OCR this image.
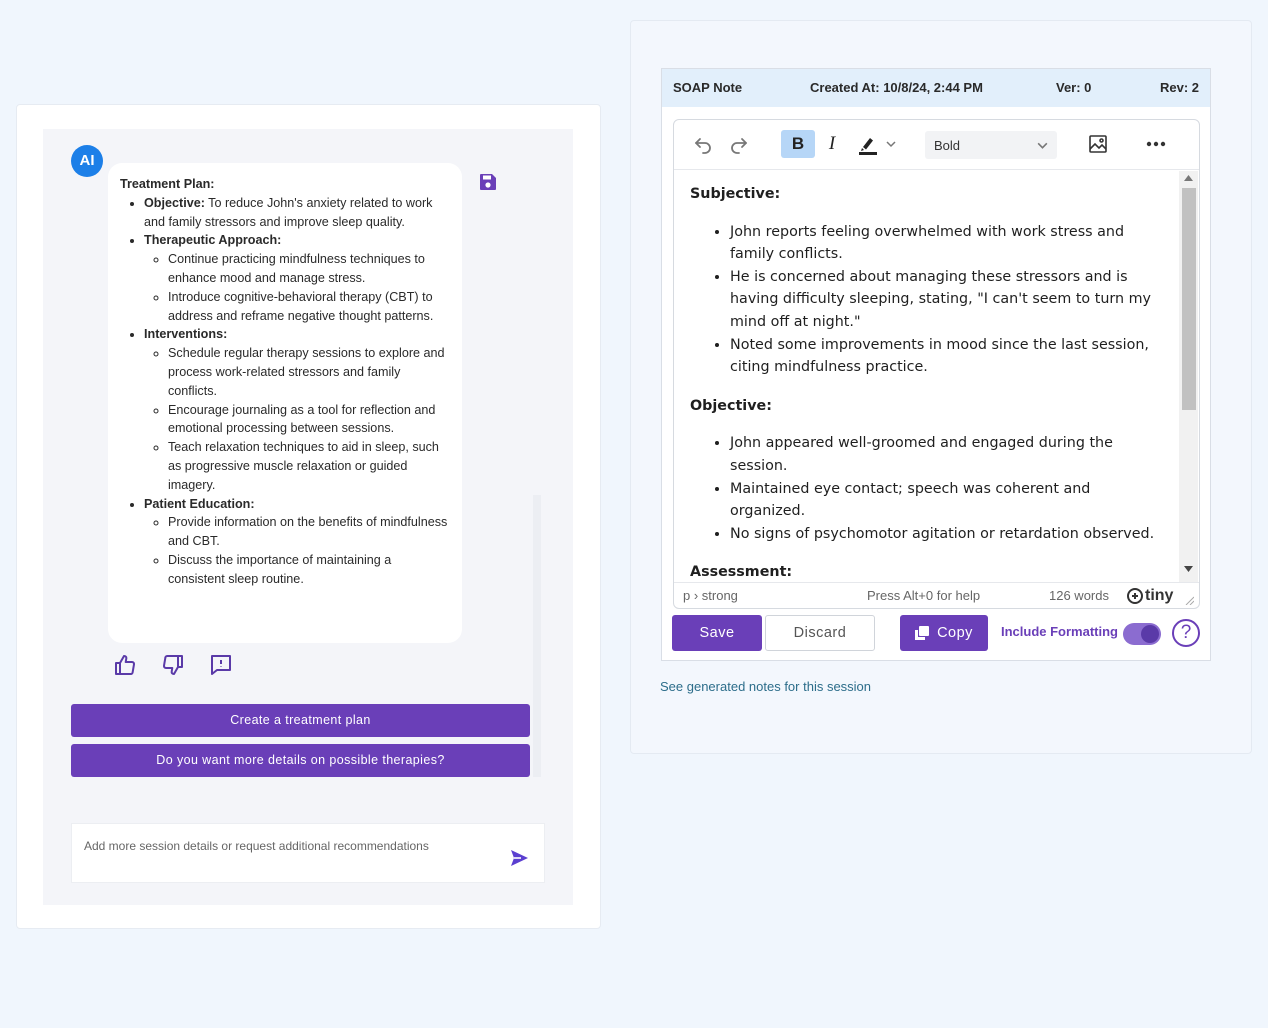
AI
Treatment Plan:
• Objective: To reduce John's anxiety related to work and family stressors and improve sleep quality.
• Therapeutic Approach:
◦ Continue practicing mindfulness techniques to enhance mood and manage stress.
◦ Introduce cognitive-behavioral therapy (CBT) to address and reframe negative thought patterns.
• Interventions:
◦ Schedule regular therapy sessions to explore and process work-related stressors and family conflicts.
◦ Encourage journaling as a tool for reflection and emotional processing between sessions.
◦ Teach relaxation techniques to aid in sleep, such as progressive muscle relaxation or guided imagery.
• Patient Education:
◦ Provide information on the benefits of mindfulness and CBT.
◦ Discuss the importance of maintaining a consistent sleep routine.
Create a treatment plan
Do you want more details on possible therapies?
Add more session details or request additional recommendations
SOAP Note	Created At: 10/8/24, 2:44 PM	Ver: 0	Rev: 2
B	I	Bold
Subjective:
• John reports feeling overwhelmed with work stress and family conflicts.
• He is concerned about managing these stressors and is having difficulty sleeping, stating, "I can't seem to turn my mind off at night."
• Noted some improvements in mood since the last session, citing mindfulness practice.
Objective:
• John appeared well-groomed and engaged during the session.
• Maintained eye contact; speech was coherent and organized.
• No signs of psychomotor agitation or retardation observed.
Assessment:
p › strong	Press Alt+0 for help	126 words tiny
Save	Discard	Copy Include Formatting	?
See generated notes for this session
